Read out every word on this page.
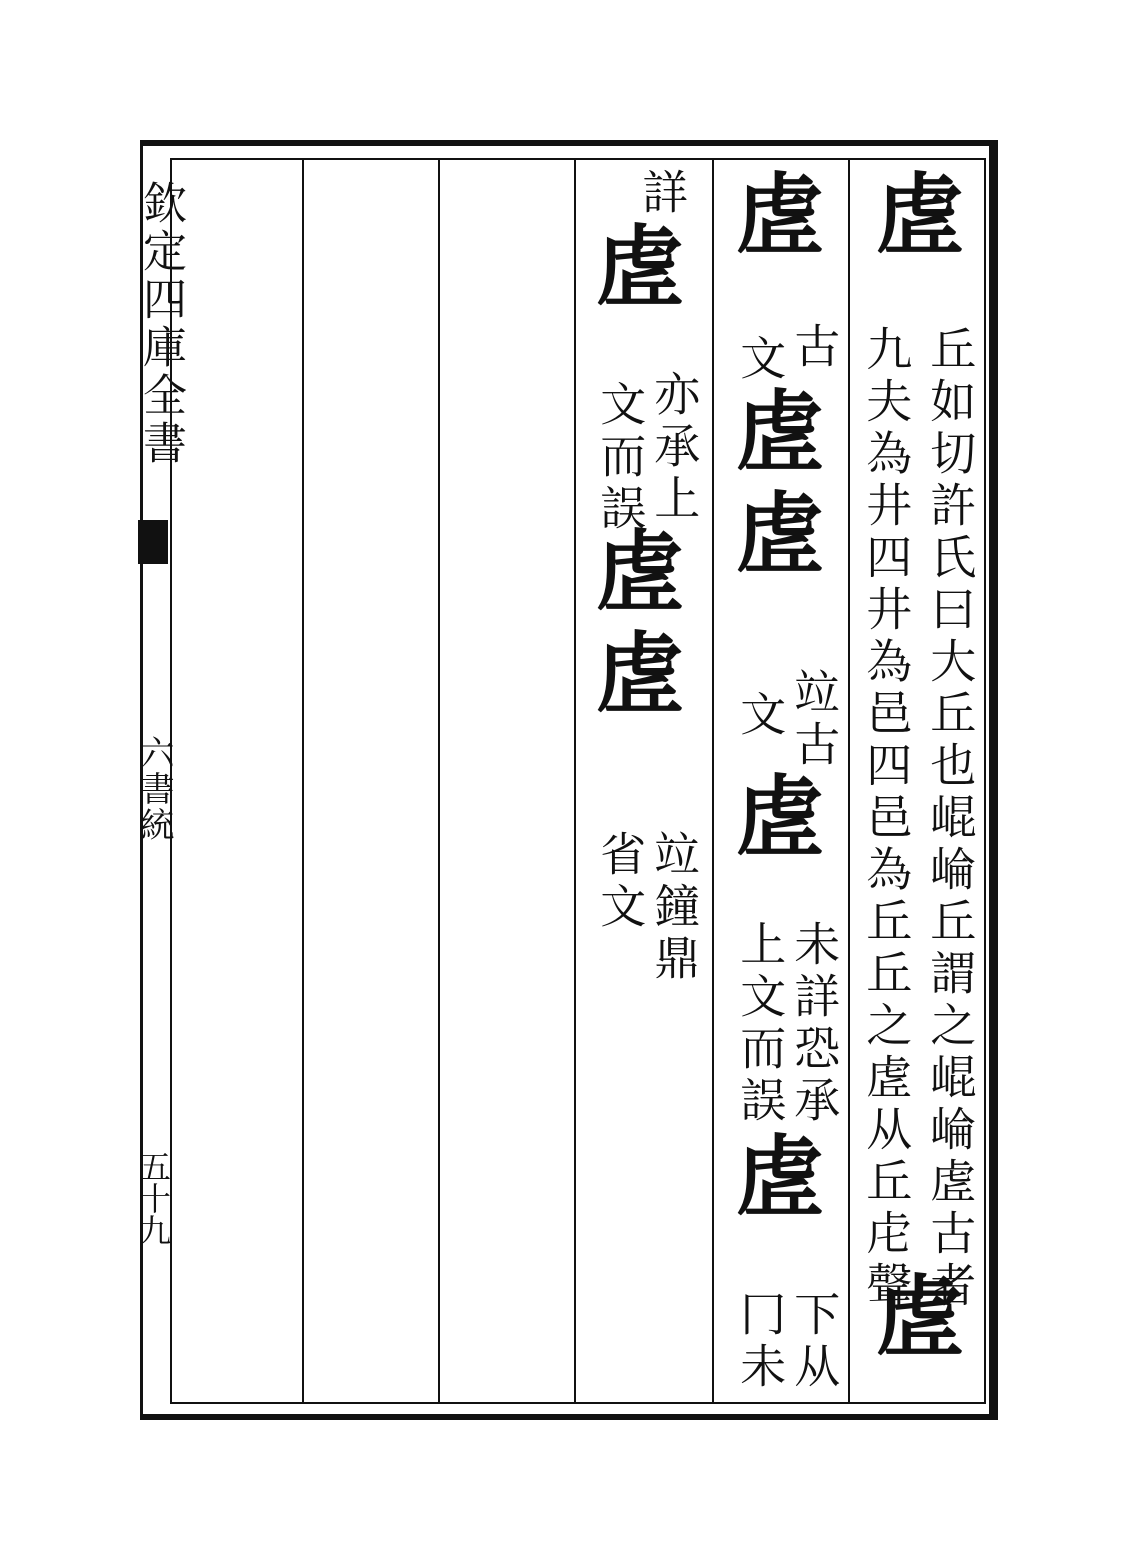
欽定四庫全書
六書統
五十九
虗
丘如切許氏曰大丘也崐崘丘謂之崐崘虗古者
九夫為井四井為邑四邑為丘丘之虗从丘虍聲
虗
虗
古
文
虗虗
竝古
文
虗
未詳恐承
上文而誤
虗
下从
冂未
詳
虗
亦承上
文而誤
虗虗
竝鐘鼎
省文
